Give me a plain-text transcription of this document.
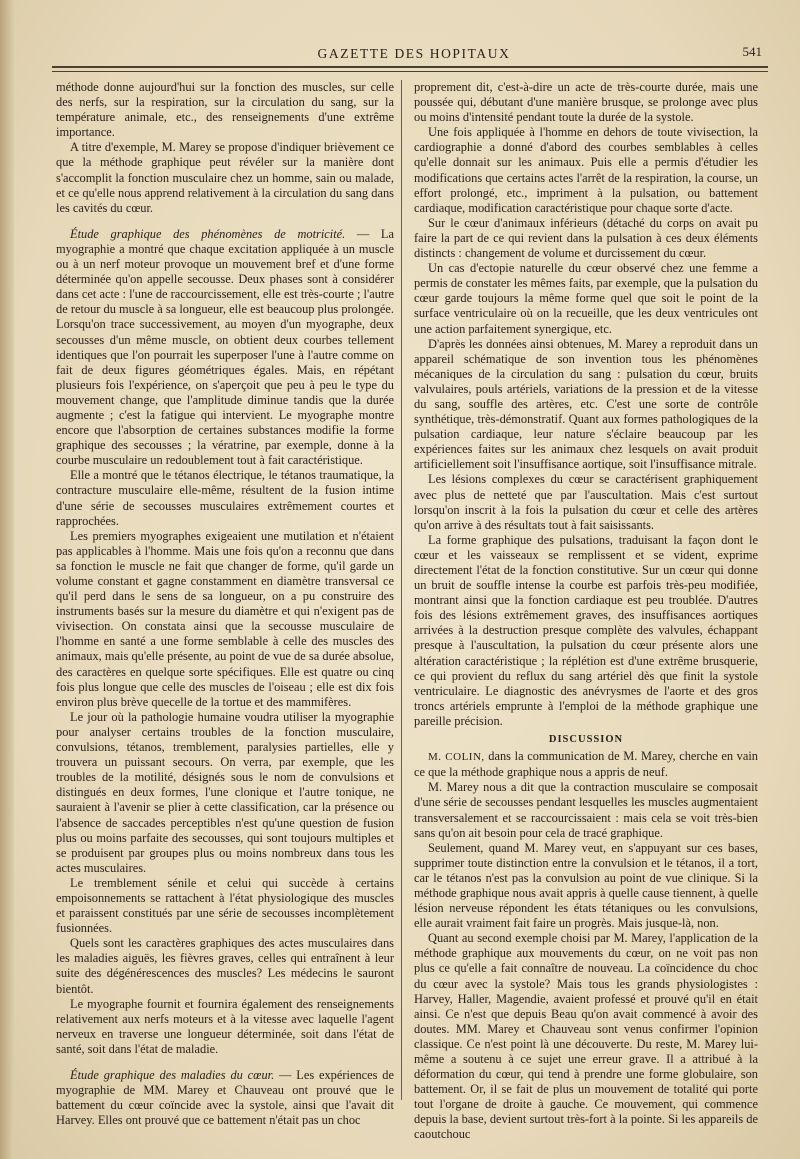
GAZETTE DES HOPITAUX	541

méthode donne aujourd'hui sur la fonction des muscles, sur celle des nerfs, sur la respiration, sur la circulation du sang, sur la température animale, etc., des renseignements d'une extrême importance.

A titre d'exemple, M. Marey se propose d'indiquer brièvement ce que la méthode graphique peut révéler sur la manière dont s'accomplit la fonction musculaire chez un homme, sain ou malade, et ce qu'elle nous apprend relativement à la circulation du sang dans les cavités du cœur.

Étude graphique des phénomènes de motricité. — La myographie a montré que chaque excitation appliquée à un muscle ou à un nerf moteur provoque un mouvement bref et d'une forme déterminée qu'on appelle secousse. Deux phases sont à considérer dans cet acte : l'une de raccourcissement, elle est très-courte ; l'autre de retour du muscle à sa longueur, elle est beaucoup plus prolongée. Lorsqu'on trace successivement, au moyen d'un myographe, deux secousses d'un même muscle, on obtient deux courbes tellement identiques que l'on pourrait les superposer l'une à l'autre comme on fait de deux figures géométriques égales. Mais, en répétant plusieurs fois l'expérience, on s'aperçoit que peu à peu le type du mouvement change, que l'amplitude diminue tandis que la durée augmente ; c'est la fatigue qui intervient. Le myographe montre encore que l'absorption de certaines substances modifie la forme graphique des secousses ; la vératrine, par exemple, donne à la courbe musculaire un redoublement tout à fait caractéristique.

Elle a montré que le tétanos électrique, le tétanos traumatique, la contracture musculaire elle-même, résultent de la fusion intime d'une série de secousses musculaires extrêmement courtes et rapprochées.

Les premiers myographes exigeaient une mutilation et n'étaient pas applicables à l'homme. Mais une fois qu'on a reconnu que dans sa fonction le muscle ne fait que changer de forme, qu'il garde un volume constant et gagne constamment en diamètre transversal ce qu'il perd dans le sens de sa longueur, on a pu construire des instruments basés sur la mesure du diamètre et qui n'exigent pas de vivisection. On constata ainsi que la secousse musculaire de l'homme en santé a une forme semblable à celle des muscles des animaux, mais qu'elle présente, au point de vue de sa durée absolue, des caractères en quelque sorte spécifiques. Elle est quatre ou cinq fois plus longue que celle des muscles de l'oiseau ; elle est dix fois environ plus brève quecelle de la tortue et des mammifères.

Le jour où la pathologie humaine voudra utiliser la myographie pour analyser certains troubles de la fonction musculaire, convulsions, tétanos, tremblement, paralysies partielles, elle y trouvera un puissant secours. On verra, par exemple, que les troubles de la motilité, désignés sous le nom de convulsions et distingués en deux formes, l'une clonique et l'autre tonique, ne sauraient à l'avenir se plier à cette classification, car la présence ou l'absence de saccades perceptibles n'est qu'une question de fusion plus ou moins parfaite des secousses, qui sont toujours multiples et se produisent par groupes plus ou moins nombreux dans tous les actes musculaires.

Le tremblement sénile et celui qui succède à certains empoisonnements se rattachent à l'état physiologique des muscles et paraissent constitués par une série de secousses incomplètement fusionnées.

Quels sont les caractères graphiques des actes musculaires dans les maladies aiguës, les fièvres graves, celles qui entraînent à leur suite des dégénérescences des muscles? Les médecins le sauront bientôt.

Le myographe fournit et fournira également des renseignements relativement aux nerfs moteurs et à la vitesse avec laquelle l'agent nerveux en traverse une longueur déterminée, soit dans l'état de santé, soit dans l'état de maladie.

Étude graphique des maladies du cœur. — Les expériences de myographie de MM. Marey et Chauveau ont prouvé que le battement du cœur coïncide avec la systole, ainsi que l'avait dit Harvey. Elles ont prouvé que ce battement n'était pas un choc

proprement dit, c'est-à-dire un acte de très-courte durée, mais une poussée qui, débutant d'une manière brusque, se prolonge avec plus ou moins d'intensité pendant toute la durée de la systole.

Une fois appliquée à l'homme en dehors de toute vivisection, la cardiographie a donné d'abord des courbes semblables à celles qu'elle donnait sur les animaux. Puis elle a permis d'étudier les modifications que certains actes l'arrêt de la respiration, la course, un effort prolongé, etc., impriment à la pulsation, ou battement cardiaque, modification caractéristique pour chaque sorte d'acte.

Sur le cœur d'animaux inférieurs (détaché du corps on avait pu faire la part de ce qui revient dans la pulsation à ces deux éléments distincts : changement de volume et durcissement du cœur.

Un cas d'ectopie naturelle du cœur observé chez une femme a permis de constater les mêmes faits, par exemple, que la pulsation du cœur garde toujours la même forme quel que soit le point de la surface ventriculaire où on la recueille, que les deux ventricules ont une action parfaitement synergique, etc.

D'après les données ainsi obtenues, M. Marey a reproduit dans un appareil schématique de son invention tous les phénomènes mécaniques de la circulation du sang : pulsation du cœur, bruits valvulaires, pouls artériels, variations de la pression et de la vitesse du sang, souffle des artères, etc. C'est une sorte de contrôle synthétique, très-démonstratif. Quant aux formes pathologiques de la pulsation cardiaque, leur nature s'éclaire beaucoup par les expériences faites sur les animaux chez lesquels on avait produit artificiellement soit l'insuffisance aortique, soit l'insuffisance mitrale.

Les lésions complexes du cœur se caractérisent graphiquement avec plus de netteté que par l'auscultation. Mais c'est surtout lorsqu'on inscrit à la fois la pulsation du cœur et celle des artères qu'on arrive à des résultats tout à fait saisissants.

La forme graphique des pulsations, traduisant la façon dont le cœur et les vaisseaux se remplissent et se vident, exprime directement l'état de la fonction constitutive. Sur un cœur qui donne un bruit de souffle intense la courbe est parfois très-peu modifiée, montrant ainsi que la fonction cardiaque est peu troublée. D'autres fois des lésions extrêmement graves, des insuffisances aortiques arrivées à la destruction presque complète des valvules, échappant presque à l'auscultation, la pulsation du cœur présente alors une altération caractéristique ; la réplétion est d'une extrême brusquerie, ce qui provient du reflux du sang artériel dès que finit la systole ventriculaire. Le diagnostic des anévrysmes de l'aorte et des gros troncs artériels emprunte à l'emploi de la méthode graphique une pareille précision.

DISCUSSION

M. COLIN, dans la communication de M. Marey, cherche en vain ce que la méthode graphique nous a appris de neuf.

M. Marey nous a dit que la contraction musculaire se composait d'une série de secousses pendant lesquelles les muscles augmentaient transversalement et se raccourcissaient : mais cela se voit très-bien sans qu'on ait besoin pour cela de tracé graphique.

Seulement, quand M. Marey veut, en s'appuyant sur ces bases, supprimer toute distinction entre la convulsion et le tétanos, il a tort, car le tétanos n'est pas la convulsion au point de vue clinique. Si la méthode graphique nous avait appris à quelle cause tiennent, à quelle lésion nerveuse répondent les états tétaniques ou les convulsions, elle aurait vraiment fait faire un progrès. Mais jusque-là, non.

Quant au second exemple choisi par M. Marey, l'application de la méthode graphique aux mouvements du cœur, on ne voit pas non plus ce qu'elle a fait connaître de nouveau. La coïncidence du choc du cœur avec la systole? Mais tous les grands physiologistes : Harvey, Haller, Magendie, avaient professé et prouvé qu'il en était ainsi. Ce n'est que depuis Beau qu'on avait commencé à avoir des doutes. MM. Marey et Chauveau sont venus confirmer l'opinion classique. Ce n'est point là une découverte. Du reste, M. Marey lui-même a soutenu à ce sujet une erreur grave. Il a attribué à la déformation du cœur, qui tend à prendre une forme globulaire, son battement. Or, il se fait de plus un mouvement de totalité qui porte tout l'organe de droite à gauche. Ce mouvement, qui commence depuis la base, devient surtout très-fort à la pointe. Si les appareils de caoutchouc
